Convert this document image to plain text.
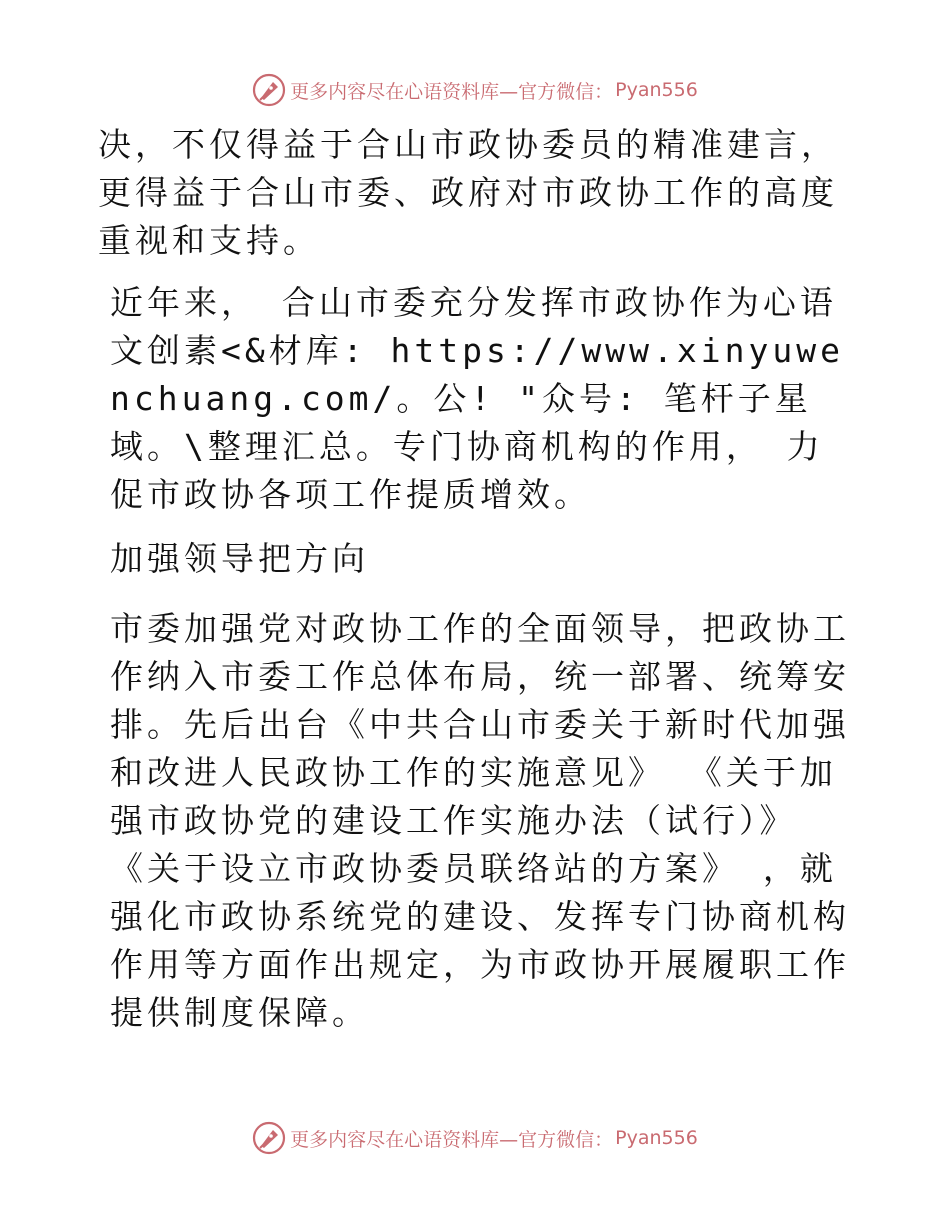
更多内容尽在心语资料库—官方微信： Pyan556

决，不仅得益于合山市政协委员的精准建言，更得益于合山市委、政府对市政协工作的高度重视和支持。

近年来， 合山市委充分发挥市政协作为心语文创素<&材库: https://www.xinyuwenchuang.com/。公! "众号: 笔杆子星域。\整理汇总。专门协商机构的作用， 力促市政协各项工作提质增效。

加强领导把方向

市委加强党对政协工作的全面领导，把政协工作纳入市委工作总体布局，统一部署、统筹安排。先后出台《中共合山市委关于新时代加强和改进人民政协工作的实施意见》 《关于加强市政协党的建设工作实施办法（试行）》 《关于设立市政协委员联络站的方案》 ，就强化市政协系统党的建设、发挥专门协商机构作用等方面作出规定，为市政协开展履职工作提供制度保障。

更多内容尽在心语资料库—官方微信： Pyan556
